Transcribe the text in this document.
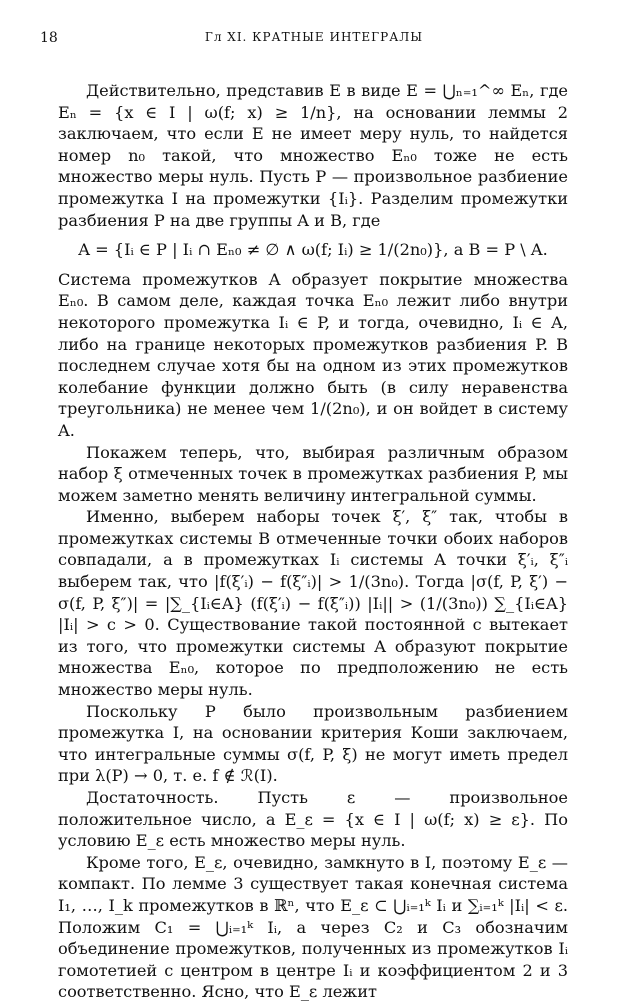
18	Гл XI. КРАТНЫЕ ИНТЕГРАЛЫ

Действительно, представив E в виде E = ⋃ₙ₌₁^∞ Eₙ, где Eₙ = {x ∈ I | ω(f; x) ≥ 1/n}, на основании леммы 2 заключаем, что если E не имеет меру нуль, то найдется номер n₀ такой, что множество Eₙ₀ тоже не есть множество меры нуль. Пусть P — произвольное разбиение промежутка I на промежутки {Iᵢ}. Разделим промежутки разбиения P на две группы A и B, где

A = {Iᵢ ∈ P | Iᵢ ∩ Eₙ₀ ≠ ∅ ∧ ω(f; Iᵢ) ≥ 1/(2n₀)}, а B = P \ A.

Система промежутков A образует покрытие множества Eₙ₀. В самом деле, каждая точка Eₙ₀ лежит либо внутри некоторого промежутка Iᵢ ∈ P, и тогда, очевидно, Iᵢ ∈ A, либо на границе некоторых промежутков разбиения P. В последнем случае хотя бы на одном из этих промежутков колебание функции должно быть (в силу неравенства треугольника) не менее чем 1/(2n₀), и он войдет в систему A.

Покажем теперь, что, выбирая различным образом набор ξ отмеченных точек в промежутках разбиения P, мы можем заметно менять величину интегральной суммы.

Именно, выберем наборы точек ξ′, ξ″ так, чтобы в промежутках системы B отмеченные точки обоих наборов совпадали, а в промежутках Iᵢ системы A точки ξ′ᵢ, ξ″ᵢ выберем так, что |f(ξ′ᵢ) − f(ξ″ᵢ)| > 1/(3n₀). Тогда |σ(f, P, ξ′) − σ(f, P, ξ″)| = |∑_{Iᵢ∈A} (f(ξ′ᵢ) − f(ξ″ᵢ)) |Iᵢ|| > (1/(3n₀)) ∑_{Iᵢ∈A} |Iᵢ| > c > 0. Существование такой постоянной c вытекает из того, что промежутки системы A образуют покрытие множества Eₙ₀, которое по предположению не есть множество меры нуль.

Поскольку P было произвольным разбиением промежутка I, на основании критерия Коши заключаем, что интегральные суммы σ(f, P, ξ) не могут иметь предел при λ(P) → 0, т. е. f ∉ ℛ(I).

Достаточность. Пусть ε — произвольное положительное число, а E_ε = {x ∈ I | ω(f; x) ≥ ε}. По условию E_ε есть множество меры нуль.

Кроме того, E_ε, очевидно, замкнуто в I, поэтому E_ε — компакт. По лемме 3 существует такая конечная система I₁, …, I_k промежутков в ℝⁿ, что E_ε ⊂ ⋃ᵢ₌₁ᵏ Iᵢ и ∑ᵢ₌₁ᵏ |Iᵢ| < ε. Положим C₁ = ⋃ᵢ₌₁ᵏ Iᵢ, а через C₂ и C₃ обозначим объединение промежутков, полученных из промежутков Iᵢ гомотетией с центром в центре Iᵢ и коэффициентом 2 и 3 соответственно. Ясно, что E_ε лежит
